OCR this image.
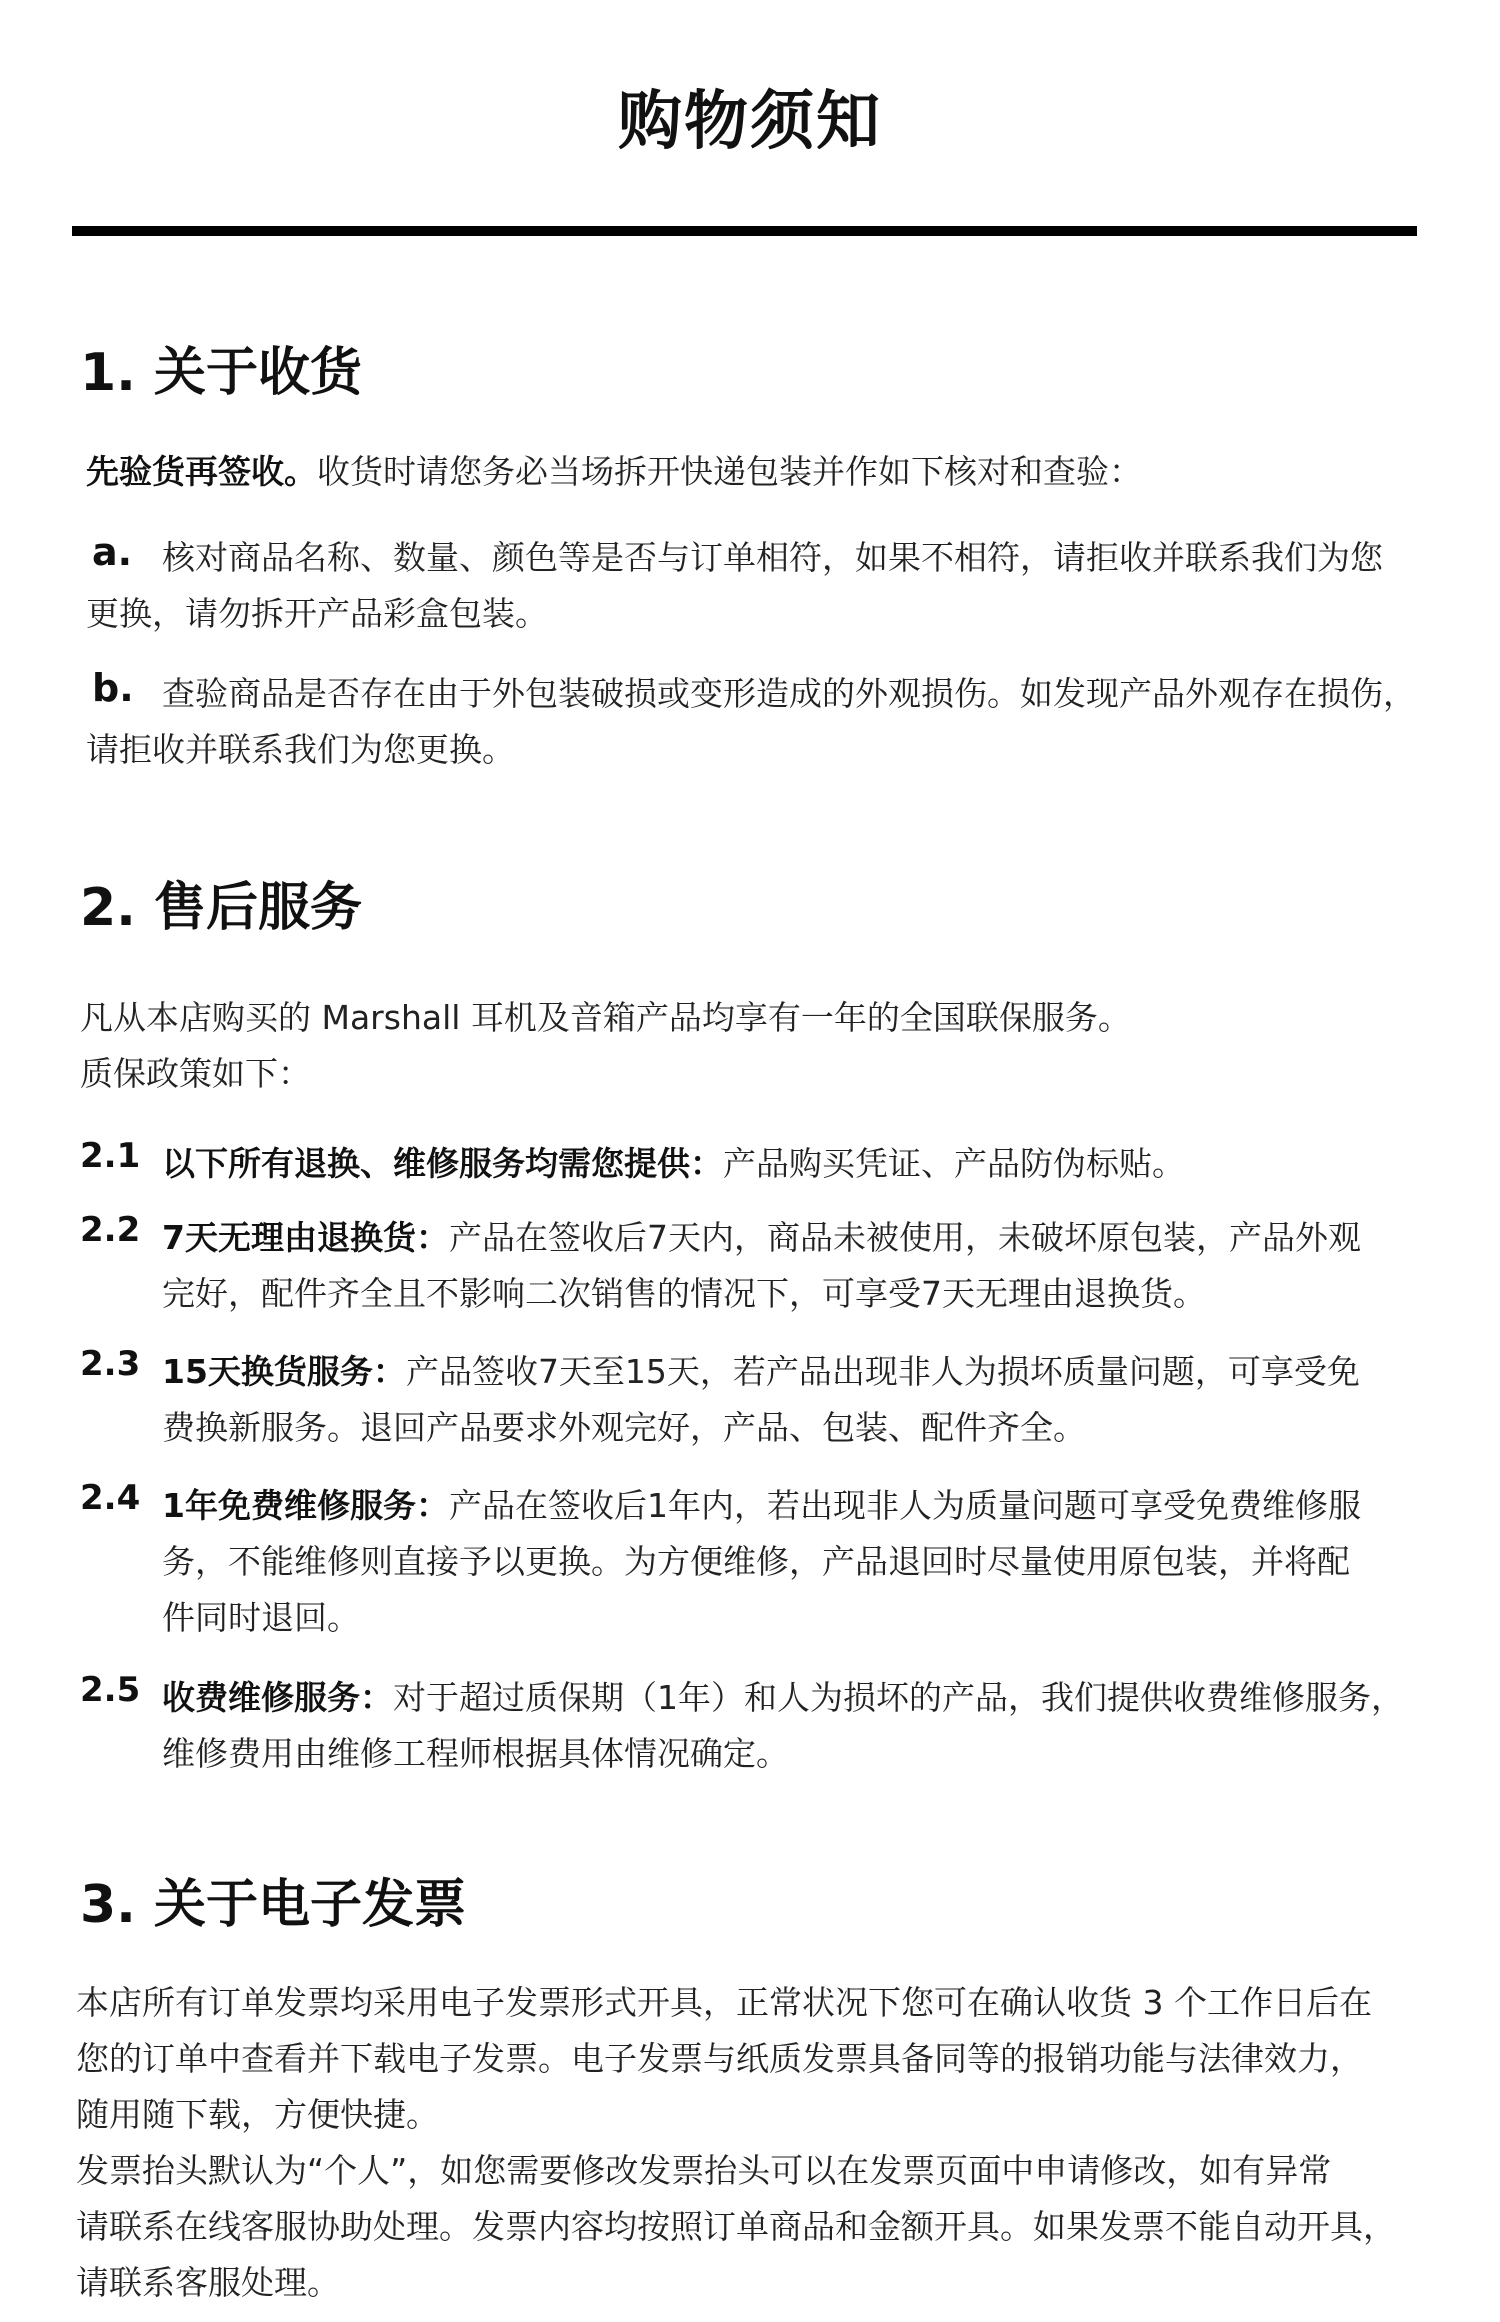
购物须知
1. 关于收货

先验货再签收。收货时请您务必当场拆开快递包装并作如下核对和查验：

a. 核对商品名称、数量、颜色等是否与订单相符，如果不相符，请拒收并联系我们为您
更换，请勿拆开产品彩盒包装。

b. 查验商品是否存在由于外包装破损或变形造成的外观损伤。如发现产品外观存在损伤，
请拒收并联系我们为您更换。

2. 售后服务

凡从本店购买的 Marshall 耳机及音箱产品均享有一年的全国联保服务。
质保政策如下：

2.1 以下所有退换、维修服务均需您提供：产品购买凭证、产品防伪标贴。

2.2 7天无理由退换货：产品在签收后7天内，商品未被使用，未破坏原包装，产品外观
完好，配件齐全且不影响二次销售的情况下，可享受7天无理由退换货。

2.3 15天换货服务：产品签收7天至15天，若产品出现非人为损坏质量问题，可享受免
费换新服务。退回产品要求外观完好，产品、包装、配件齐全。

2.4 1年免费维修服务：产品在签收后1年内，若出现非人为质量问题可享受免费维修服
务，不能维修则直接予以更换。为方便维修，产品退回时尽量使用原包装，并将配
件同时退回。

2.5 收费维修服务：对于超过质保期（1年）和人为损坏的产品，我们提供收费维修服务，
维修费用由维修工程师根据具体情况确定。

3. 关于电子发票

本店所有订单发票均采用电子发票形式开具，正常状况下您可在确认收货 3 个工作日后在
您的订单中查看并下载电子发票。电子发票与纸质发票具备同等的报销功能与法律效力，
随用随下载，方便快捷。
发票抬头默认为“个人”，如您需要修改发票抬头可以在发票页面中申请修改，如有异常
请联系在线客服协助处理。发票内容均按照订单商品和金额开具。如果发票不能自动开具，
请联系客服处理。
